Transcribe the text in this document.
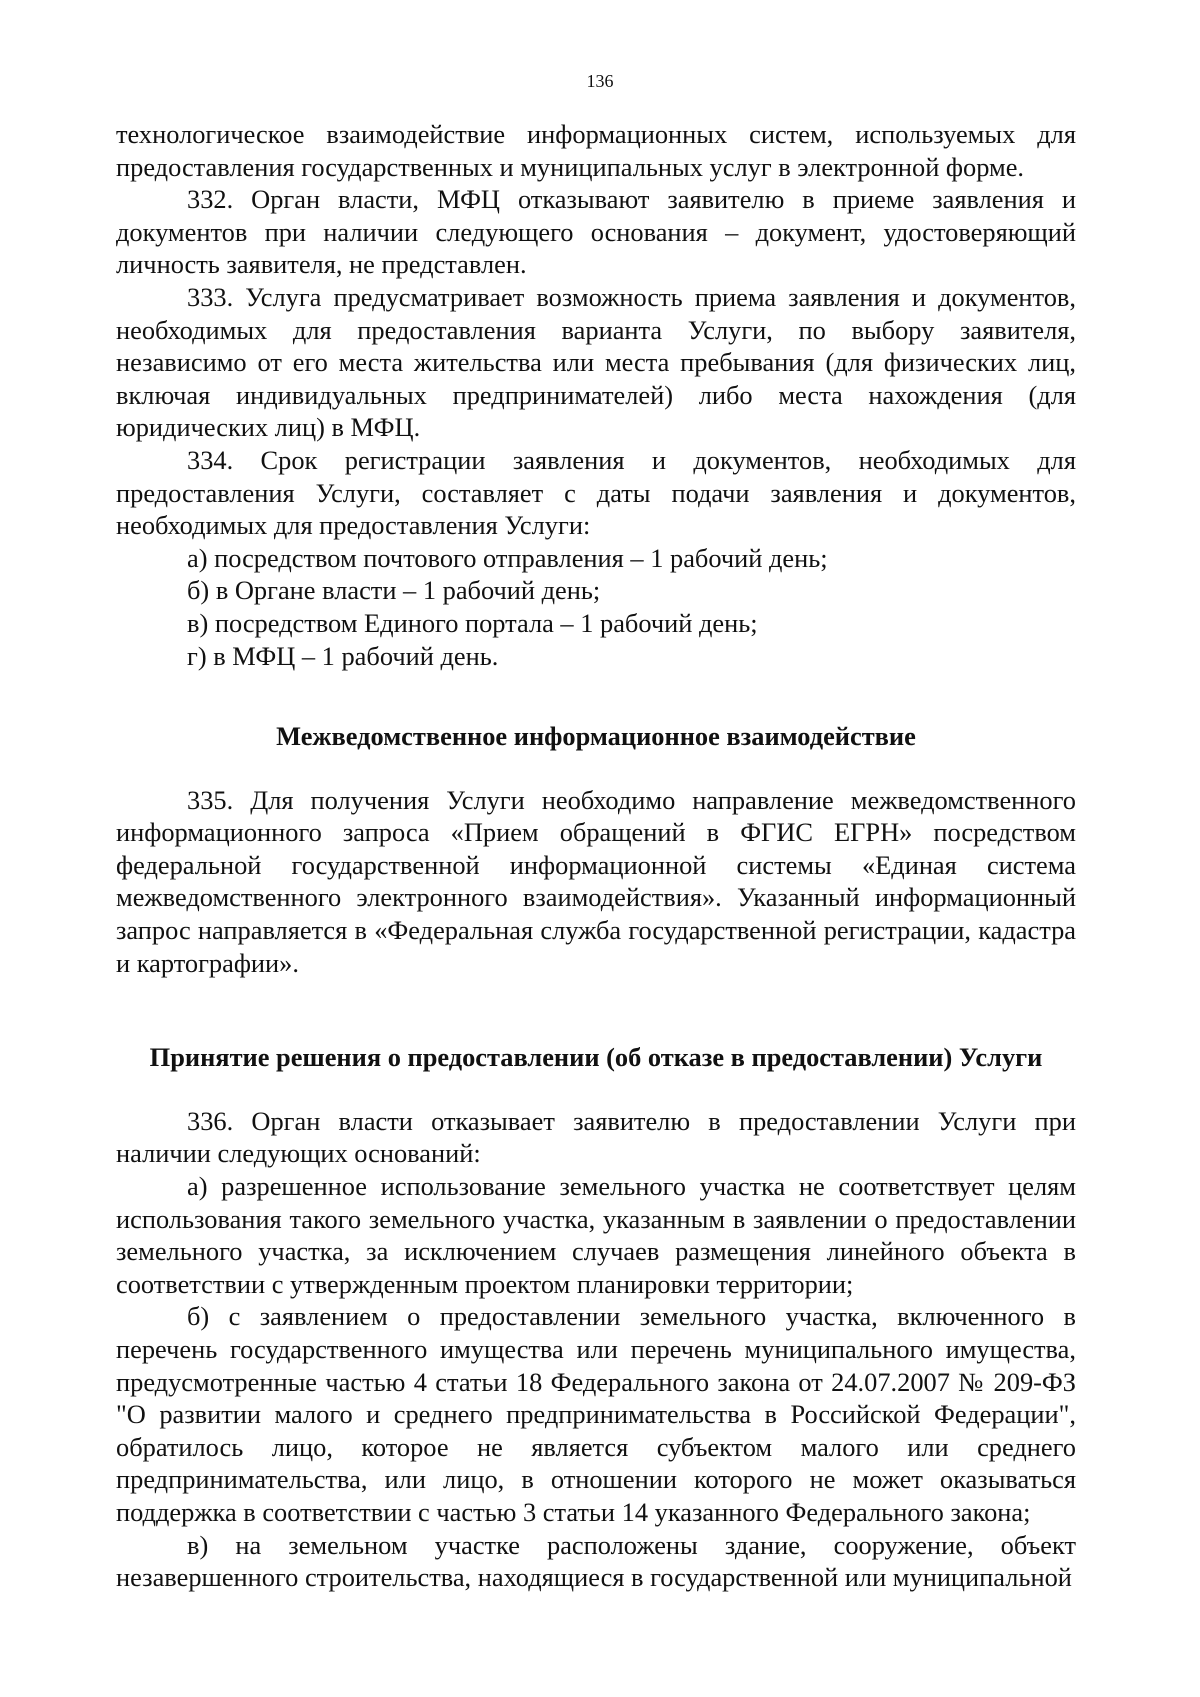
136

технологическое взаимодействие информационных систем, используемых для предоставления государственных и муниципальных услуг в электронной форме.

332. Орган власти, МФЦ отказывают заявителю в приеме заявления и документов при наличии следующего основания – документ, удостоверяющий личность заявителя, не представлен.

333. Услуга предусматривает возможность приема заявления и документов, необходимых для предоставления варианта Услуги, по выбору заявителя, независимо от его места жительства или места пребывания (для физических лиц, включая индивидуальных предпринимателей) либо места нахождения (для юридических лиц) в МФЦ.

334. Срок регистрации заявления и документов, необходимых для предоставления Услуги, составляет с даты подачи заявления и документов, необходимых для предоставления Услуги:

а) посредством почтового отправления – 1 рабочий день;

б) в Органе власти – 1 рабочий день;

в) посредством Единого портала – 1 рабочий день;

г) в МФЦ – 1 рабочий день.

Межведомственное информационное взаимодействие

335. Для получения Услуги необходимо направление межведомственного информационного запроса «Прием обращений в ФГИС ЕГРН» посредством федеральной государственной информационной системы «Единая система межведомственного электронного взаимодействия». Указанный информационный запрос направляется в «Федеральная служба государственной регистрации, кадастра и картографии».

Принятие решения о предоставлении (об отказе в предоставлении) Услуги

336. Орган власти отказывает заявителю в предоставлении Услуги при наличии следующих оснований:

а) разрешенное использование земельного участка не соответствует целям использования такого земельного участка, указанным в заявлении о предоставлении земельного участка, за исключением случаев размещения линейного объекта в соответствии с утвержденным проектом планировки территории;

б) с заявлением о предоставлении земельного участка, включенного в перечень государственного имущества или перечень муниципального имущества, предусмотренные частью 4 статьи 18 Федерального закона от 24.07.2007 № 209-ФЗ "О развитии малого и среднего предпринимательства в Российской Федерации", обратилось лицо, которое не является субъектом малого или среднего предпринимательства, или лицо, в отношении которого не может оказываться поддержка в соответствии с частью 3 статьи 14 указанного Федерального закона;

в) на земельном участке расположены здание, сооружение, объект незавершенного строительства, находящиеся в государственной или муниципальной
